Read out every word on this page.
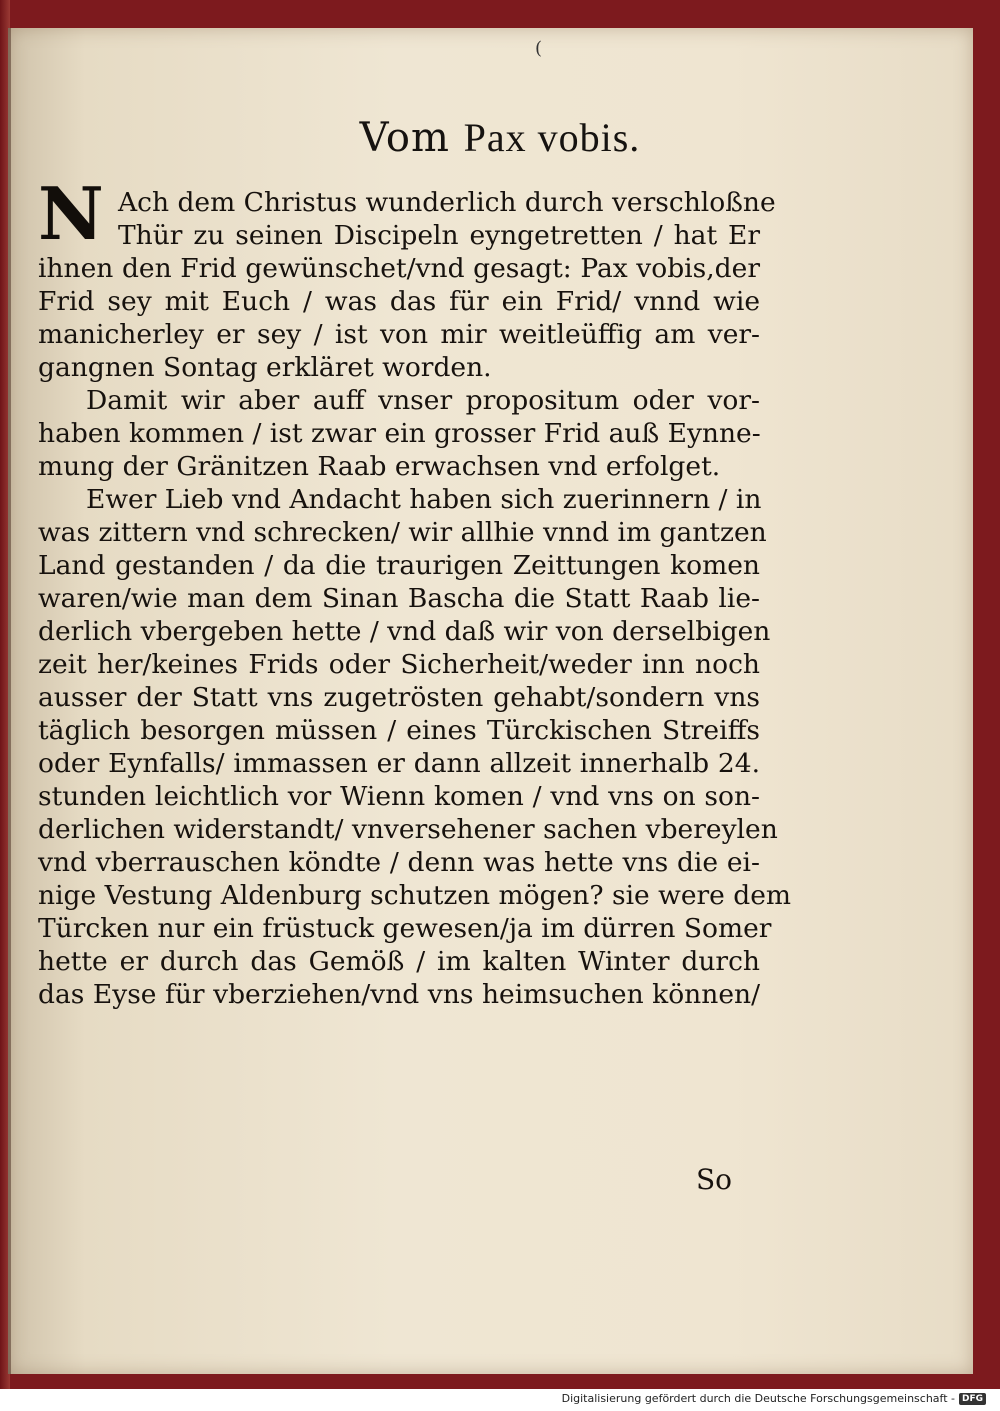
(
Vom Pax vobis.
N Ach dem Christus wunderlich durch verschloßne
Thür zu seinen Discipeln eyngetretten / hat Er
ihnen den Frid gewünschet/vnd gesagt: Pax vobis,der
Frid sey mit Euch / was das für ein Frid/ vnnd wie
manicherley er sey / ist von mir weitleüffig am ver-
gangnen Sontag erkläret worden.
Damit wir aber auff vnser propositum oder vor-
haben kommen / ist zwar ein grosser Frid auß Eynne-
mung der Gränitzen Raab erwachsen vnd erfolget.
Ewer Lieb vnd Andacht haben sich zuerinnern / in
was zittern vnd schrecken/ wir allhie vnnd im gantzen
Land gestanden / da die traurigen Zeittungen komen
waren/wie man dem Sinan Bascha die Statt Raab lie-
derlich vbergeben hette / vnd daß wir von derselbigen
zeit her/keines Frids oder Sicherheit/weder inn noch
ausser der Statt vns zugetrösten gehabt/sondern vns
täglich besorgen müssen / eines Türckischen Streiffs
oder Eynfalls/ immassen er dann allzeit innerhalb 24.
stunden leichtlich vor Wienn komen / vnd vns on son-
derlichen widerstandt/ vnversehener sachen vbereylen
vnd vberrauschen köndte / denn was hette vns die ei-
nige Vestung Aldenburg schutzen mögen? sie were dem
Türcken nur ein früstuck gewesen/ja im dürren Somer
hette er durch das Gemöß / im kalten Winter durch
das Eyse für vberziehen/vnd vns heimsuchen können/
So
Digitalisierung gefördert durch die Deutsche Forschungsgemeinschaft - DFG
